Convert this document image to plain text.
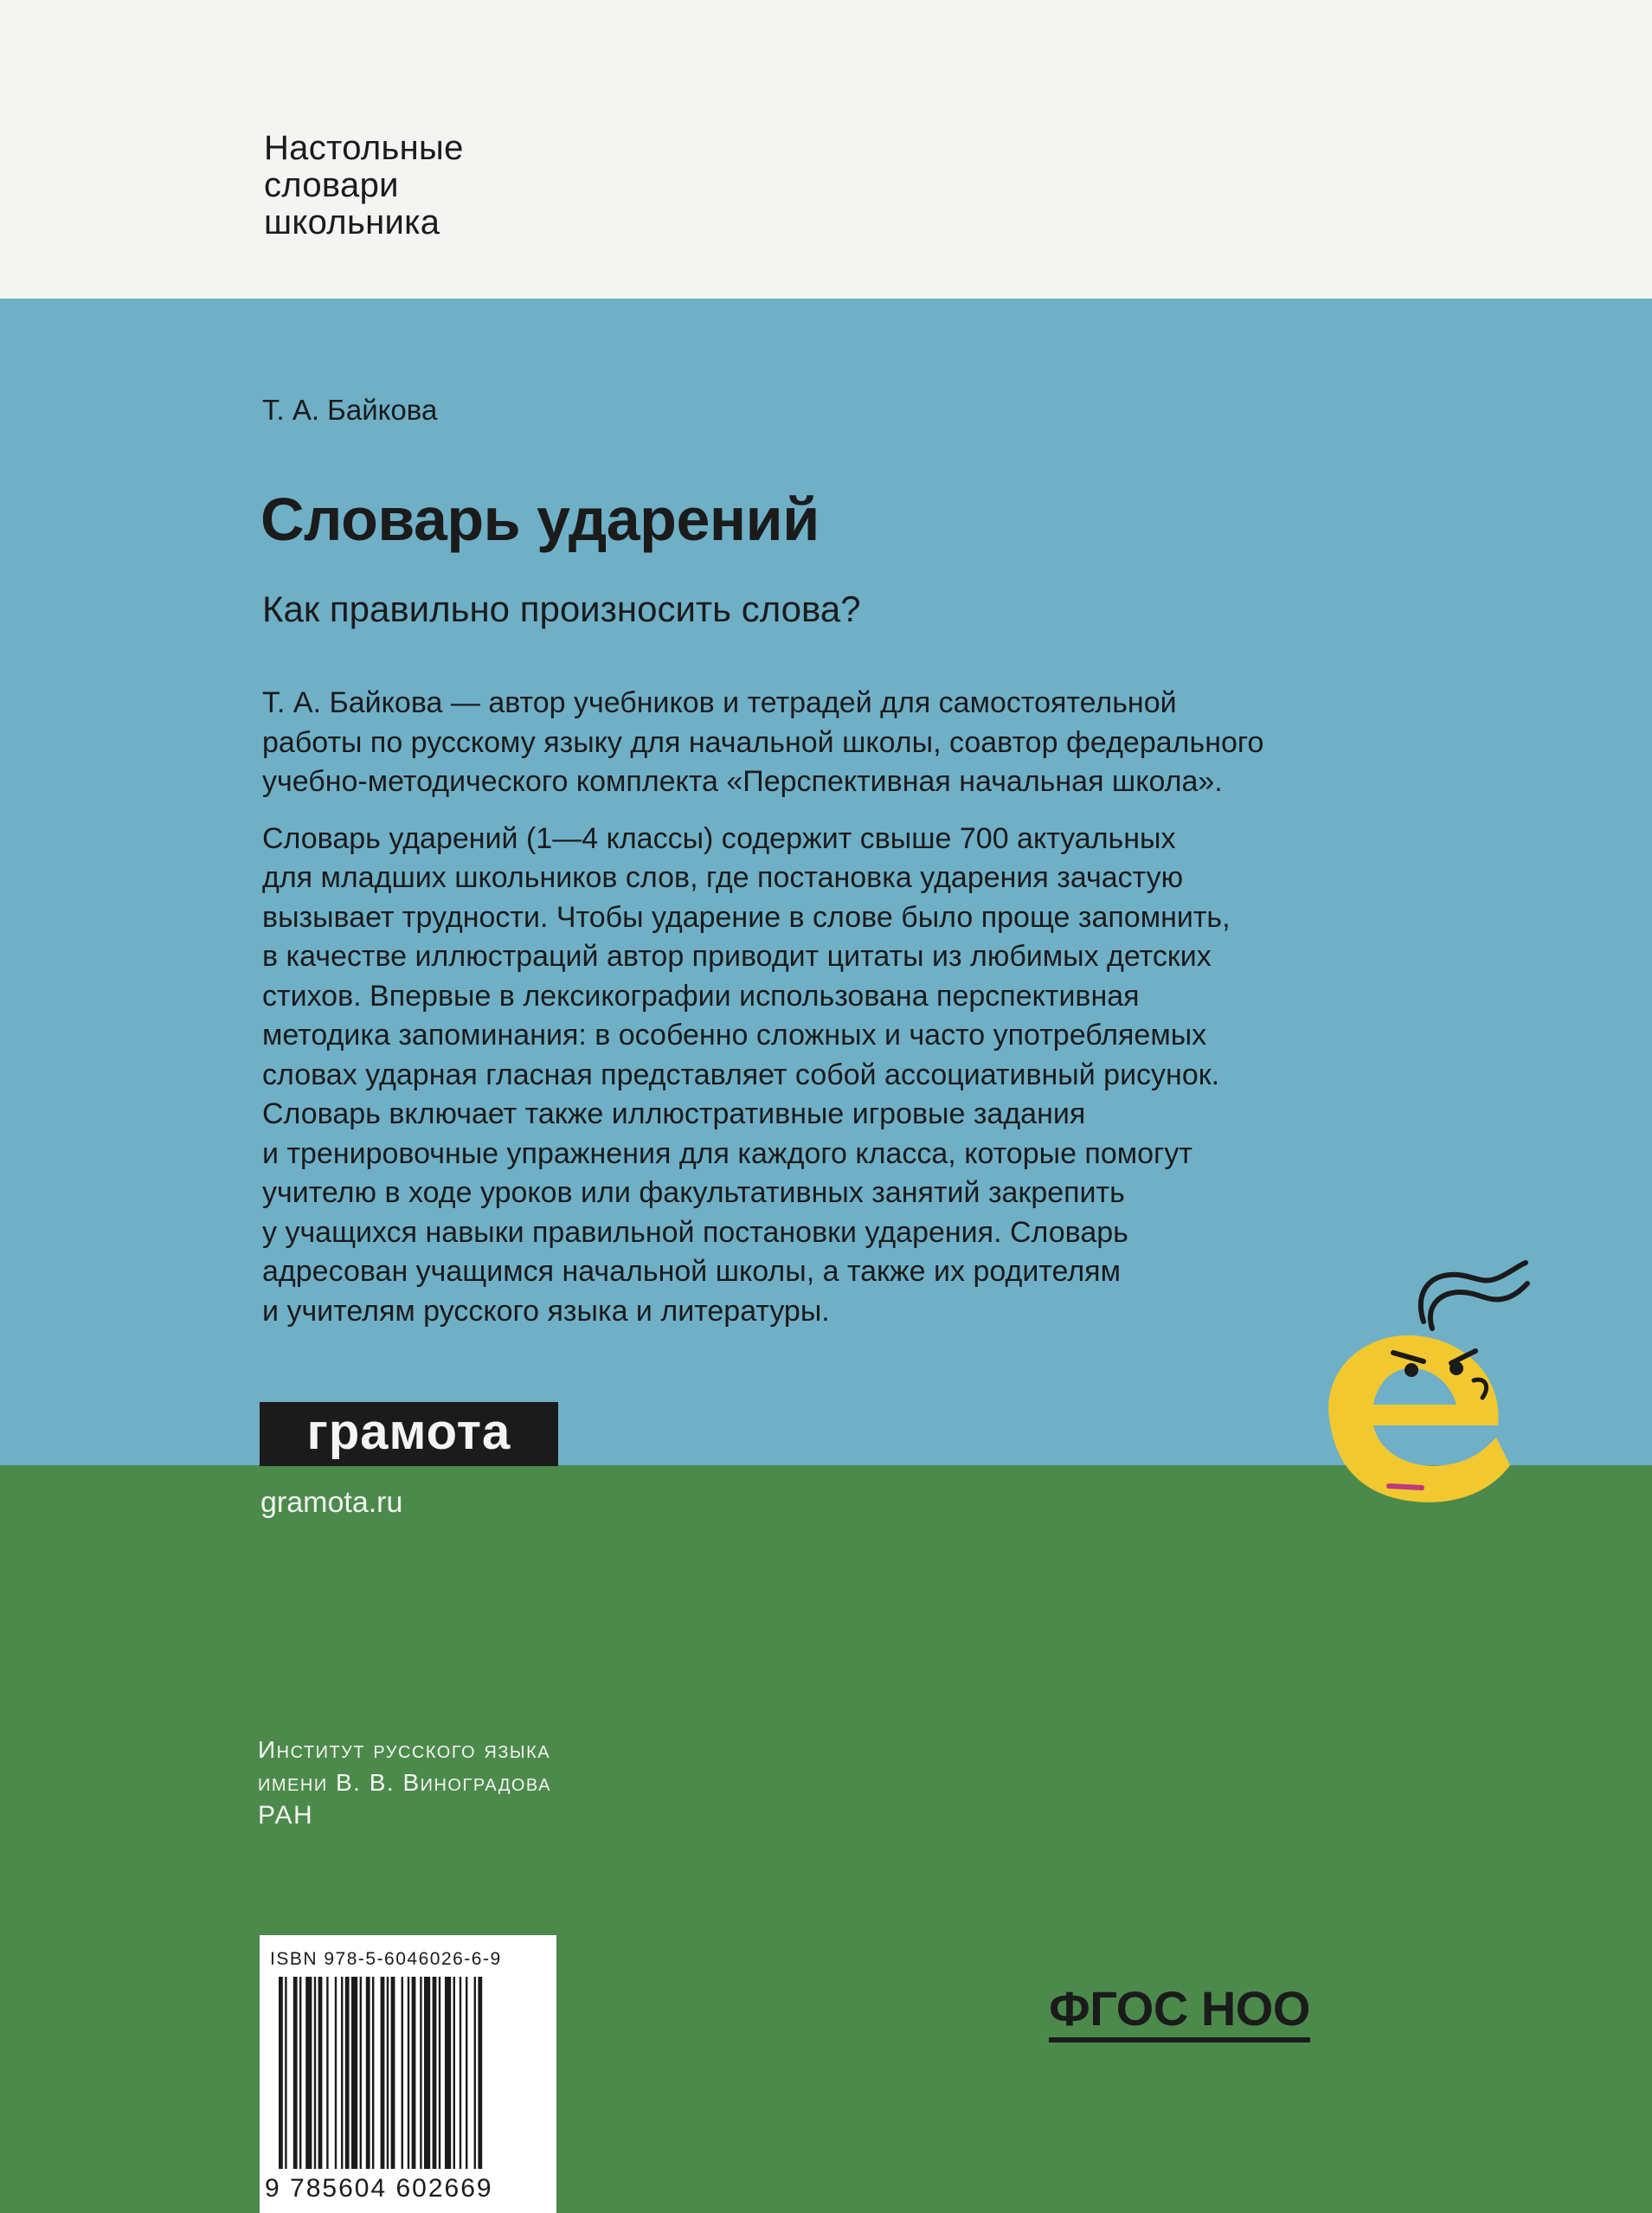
Настольные
словари
школьника
Т. А. Байкова
Словарь ударений
Как правильно произносить слова?
Т. А. Байкова — автор учебников и тетрадей для самостоятельной
работы по русскому языку для начальной школы, соавтор федерального
учебно-методического комплекта «Перспективная начальная школа».
Словарь ударений (1—4 классы) содержит свыше 700 актуальных
для младших школьников слов, где постановка ударения зачастую
вызывает трудности. Чтобы ударение в слове было проще запомнить,
в качестве иллюстраций автор приводит цитаты из любимых детских
стихов. Впервые в лексикографии использована перспективная
методика запоминания: в особенно сложных и часто употребляемых
словах ударная гласная представляет собой ассоциативный рисунок.
Словарь включает также иллюстративные игровые задания
и тренировочные упражнения для каждого класса, которые помогут
учителю в ходе уроков или факультативных занятий закрепить
у учащихся навыки правильной постановки ударения. Словарь
адресован учащимся начальной школы, а также их родителям
и учителям русского языка и литературы.
грамота
gramota.ru
Институт русского языка
имени В. В. Виноградова
РАН
ISBN 978-5-6046026-6-9
9 785604 602669
ФГОС НОО
